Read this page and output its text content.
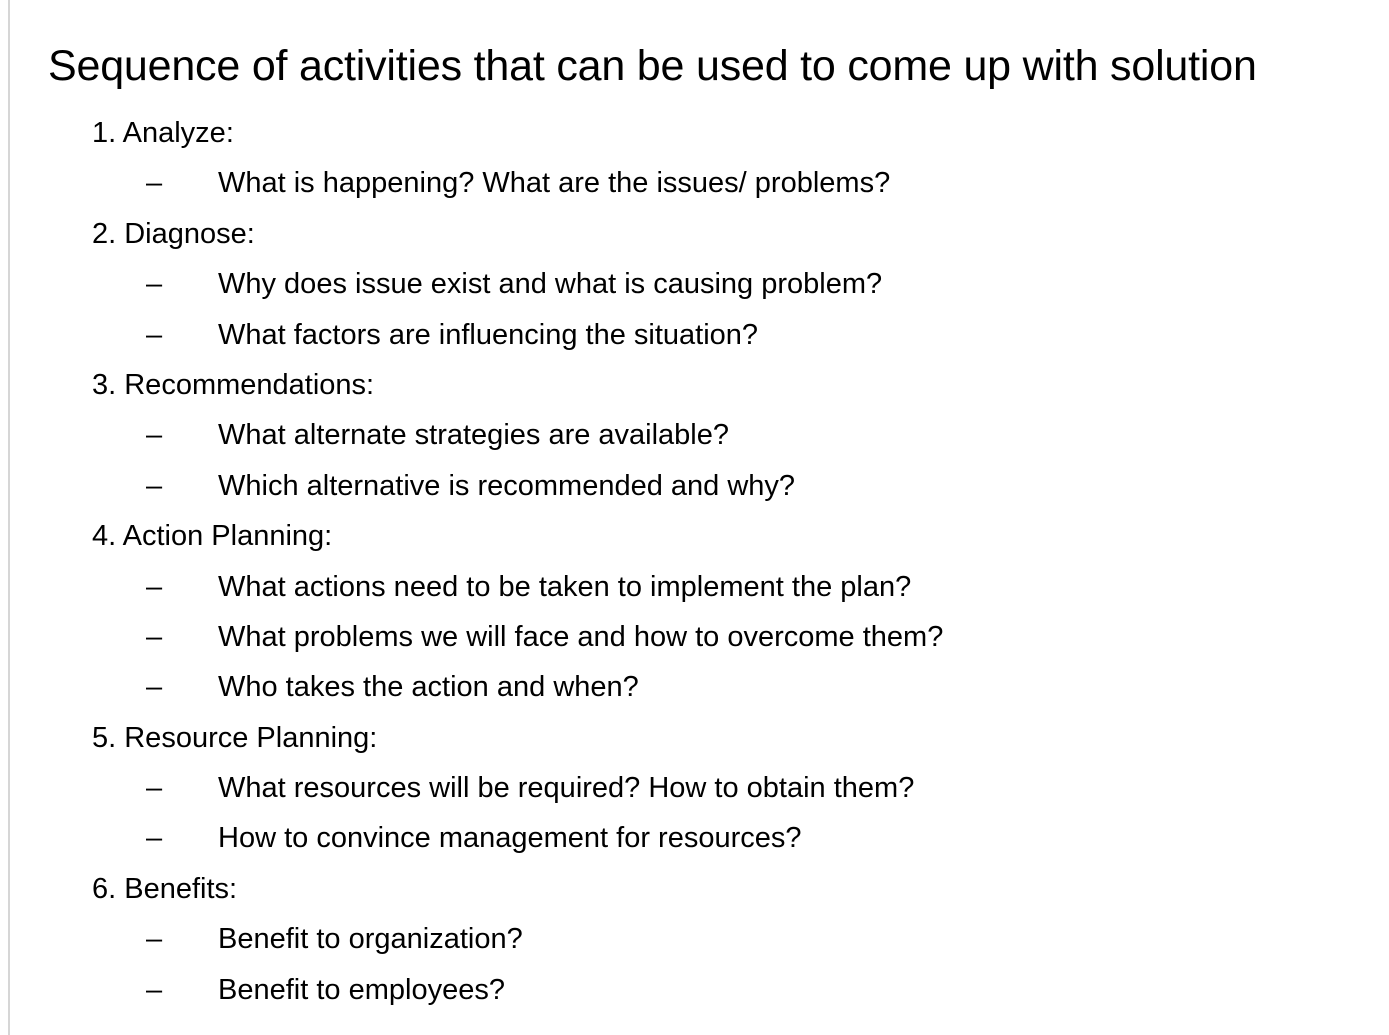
Sequence of activities that can be used to come up with solution
1. Analyze:
– What is happening? What are the issues/ problems?
2. Diagnose:
– Why does issue exist and what is causing problem?
– What factors are influencing the situation?
3. Recommendations:
– What alternate strategies are available?
– Which alternative is recommended and why?
4. Action Planning:
– What actions need to be taken to implement the plan?
– What problems we will face and how to overcome them?
– Who takes the action and when?
5. Resource Planning:
– What resources will be required? How to obtain them?
– How to convince management for resources?
6. Benefits:
– Benefit to organization?
– Benefit to employees?
